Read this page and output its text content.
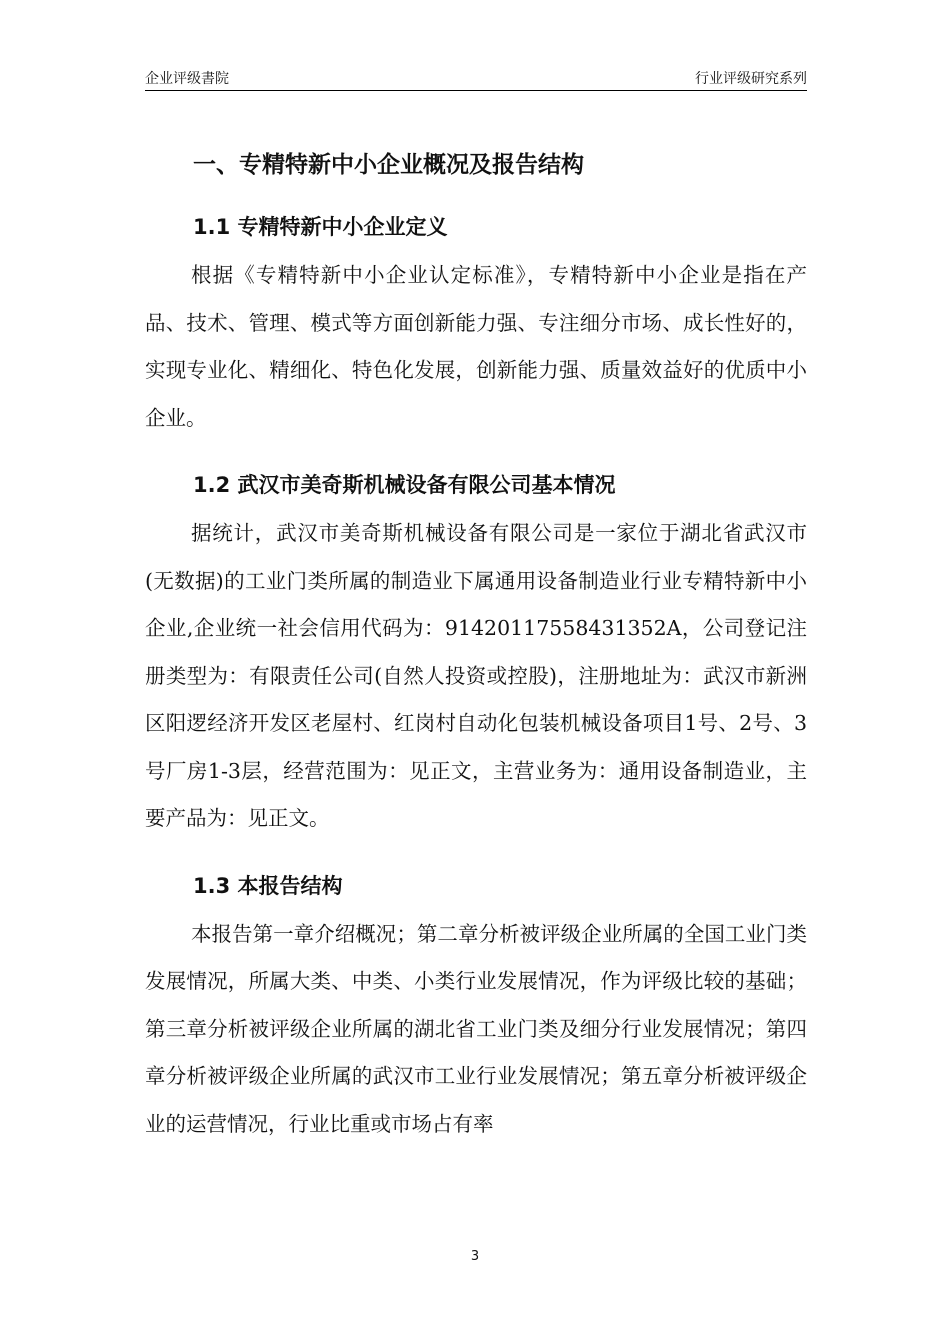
企业评级書院	行业评级研究系列
一、专精特新中小企业概况及报告结构
1.1 专精特新中小企业定义

根据《专精特新中小企业认定标准》，专精特新中小企业是指在产品、技术、管理、模式等方面创新能力强、专注细分市场、成长性好的，实现专业化、精细化、特色化发展，创新能力强、质量效益好的优质中小企业。

1.2 武汉市美奇斯机械设备有限公司基本情况

据统计，武汉市美奇斯机械设备有限公司是一家位于湖北省武汉市(无数据)的工业门类所属的制造业下属通用设备制造业行业专精特新中小企业,企业统一社会信用代码为：91420117558431352A，公司登记注册类型为：有限责任公司(自然人投资或控股)，注册地址为：武汉市新洲区阳逻经济开发区老屋村、红岗村自动化包装机械设备项目1号、2号、3号厂房1-3层，经营范围为：见正文，主营业务为：通用设备制造业，主要产品为：见正文。

1.3 本报告结构

本报告第一章介绍概况；第二章分析被评级企业所属的全国工业门类发展情况，所属大类、中类、小类行业发展情况，作为评级比较的基础；第三章分析被评级企业所属的湖北省工业门类及细分行业发展情况；第四章分析被评级企业所属的武汉市工业行业发展情况；第五章分析被评级企业的运营情况，行业比重或市场占有率

3
